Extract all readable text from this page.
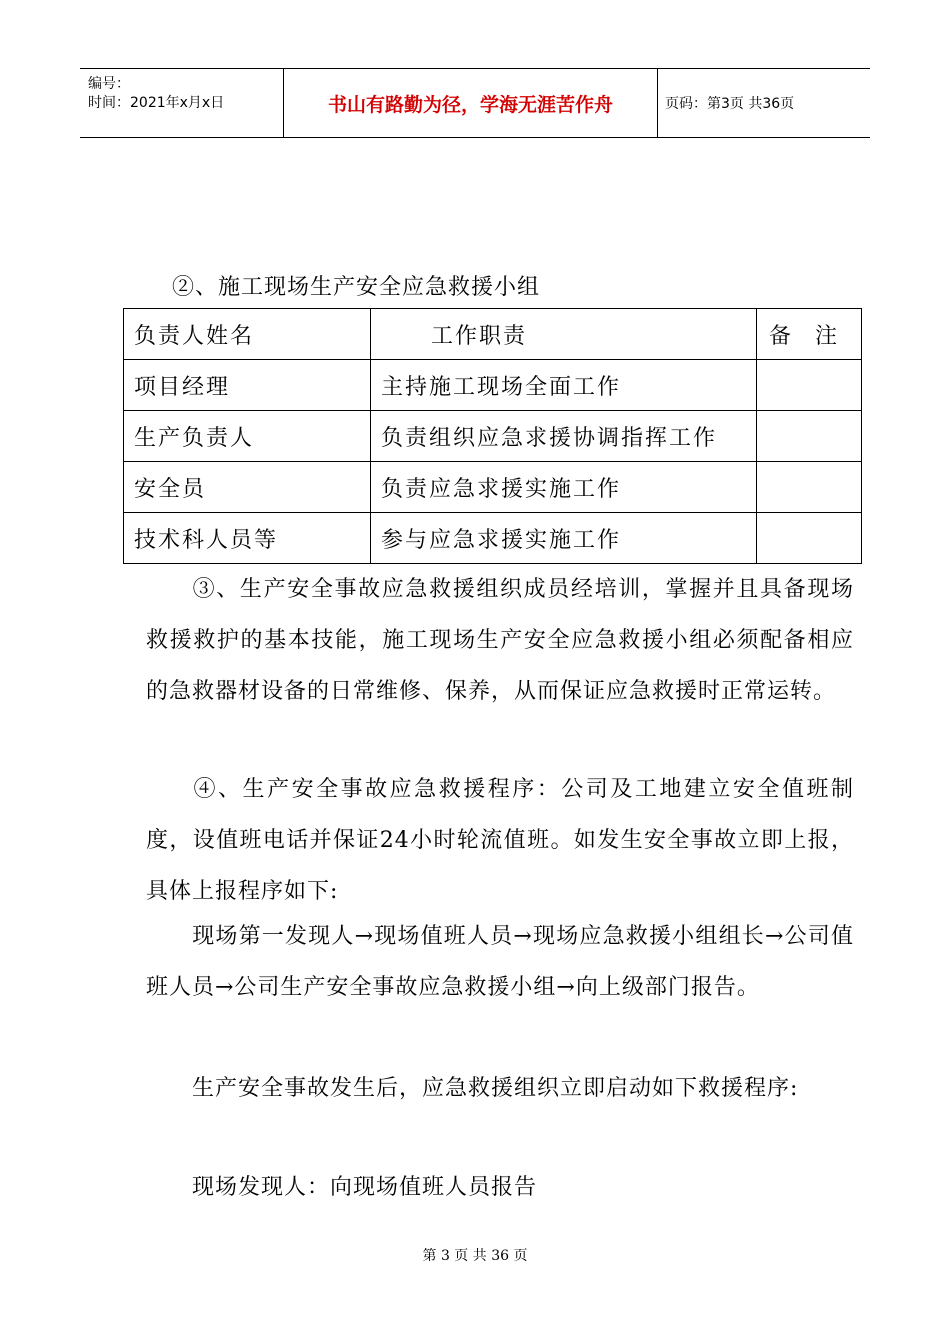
编号：
时间：2021年x月x日	书山有路勤为径，学海无涯苦作舟	页码：第3页 共36页
②、施工现场生产安全应急救援小组
负责人姓名	工作职责	备注
项目经理	主持施工现场全面工作	
生产负责人	负责组织应急求援协调指挥工作	
安全员	负责应急求援实施工作	
技术科人员等	参与应急求援实施工作	
③、生产安全事故应急救援组织成员经培训，掌握并且具备现场救援救护的基本技能，施工现场生产安全应急救援小组必须配备相应的急救器材设备的日常维修、保养，从而保证应急救援时正常运转。
④、生产安全事故应急救援程序：公司及工地建立安全值班制度，设值班电话并保证24小时轮流值班。如发生安全事故立即上报，具体上报程序如下:
现场第一发现人→现场值班人员→现场应急救援小组组长→公司值班人员→公司生产安全事故应急救援小组→向上级部门报告。
生产安全事故发生后，应急救援组织立即启动如下救援程序:
现场发现人：向现场值班人员报告
第 3 页 共 36 页
